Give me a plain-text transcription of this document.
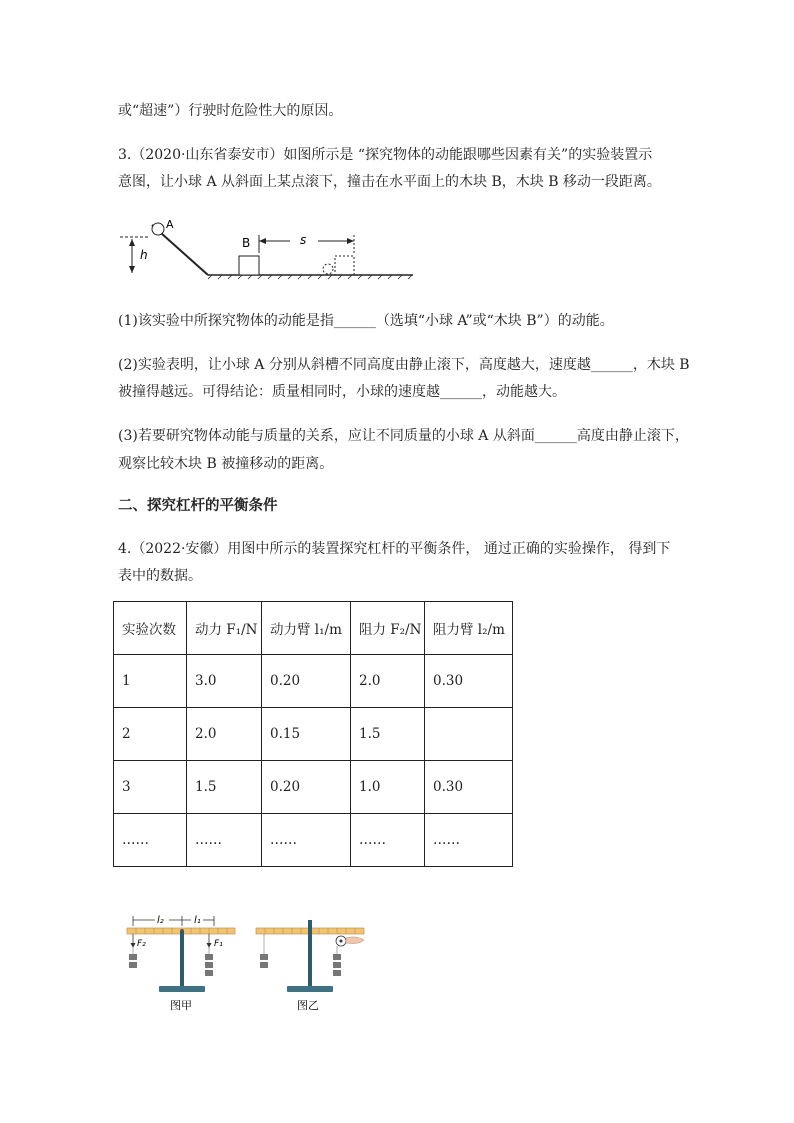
或“超速”）行驶时危险性大的原因。
3.（2020·山东省泰安市）如图所示是 “探究物体的动能跟哪些因素有关”的实验装置示
意图，让小球 A 从斜面上某点滚下，撞击在水平面上的木块 B，木块 B 移动一段距离。
h
A
B	s
(1)该实验中所探究物体的动能是指______（选填“小球 A”或“木块 B”）的动能。
(2)实验表明，让小球 A 分别从斜槽不同高度由静止滚下，高度越大，速度越______，木块 B
被撞得越远。可得结论：质量相同时，小球的速度越______，动能越大。
(3)若要研究物体动能与质量的关系，应让不同质量的小球 A 从斜面______高度由静止滚下，
观察比较木块 B 被撞移动的距离。
二、探究杠杆的平衡条件
4.（2022·安徽）用图中所示的装置探究杠杆的平衡条件， 通过正确的实验操作， 得到下
表中的数据。
实验次数	动力 F₁/N	动力臂 l₁/m	阻力 F₂/N	阻力臂 l₂/m
1	3.0	0.20	2.0	0.30
2	2.0	0.15	1.5	
3	1.5	0.20	1.0	0.30
……	……	……	……	……
l₂	l₁
F₂	F₁
图甲	图乙
